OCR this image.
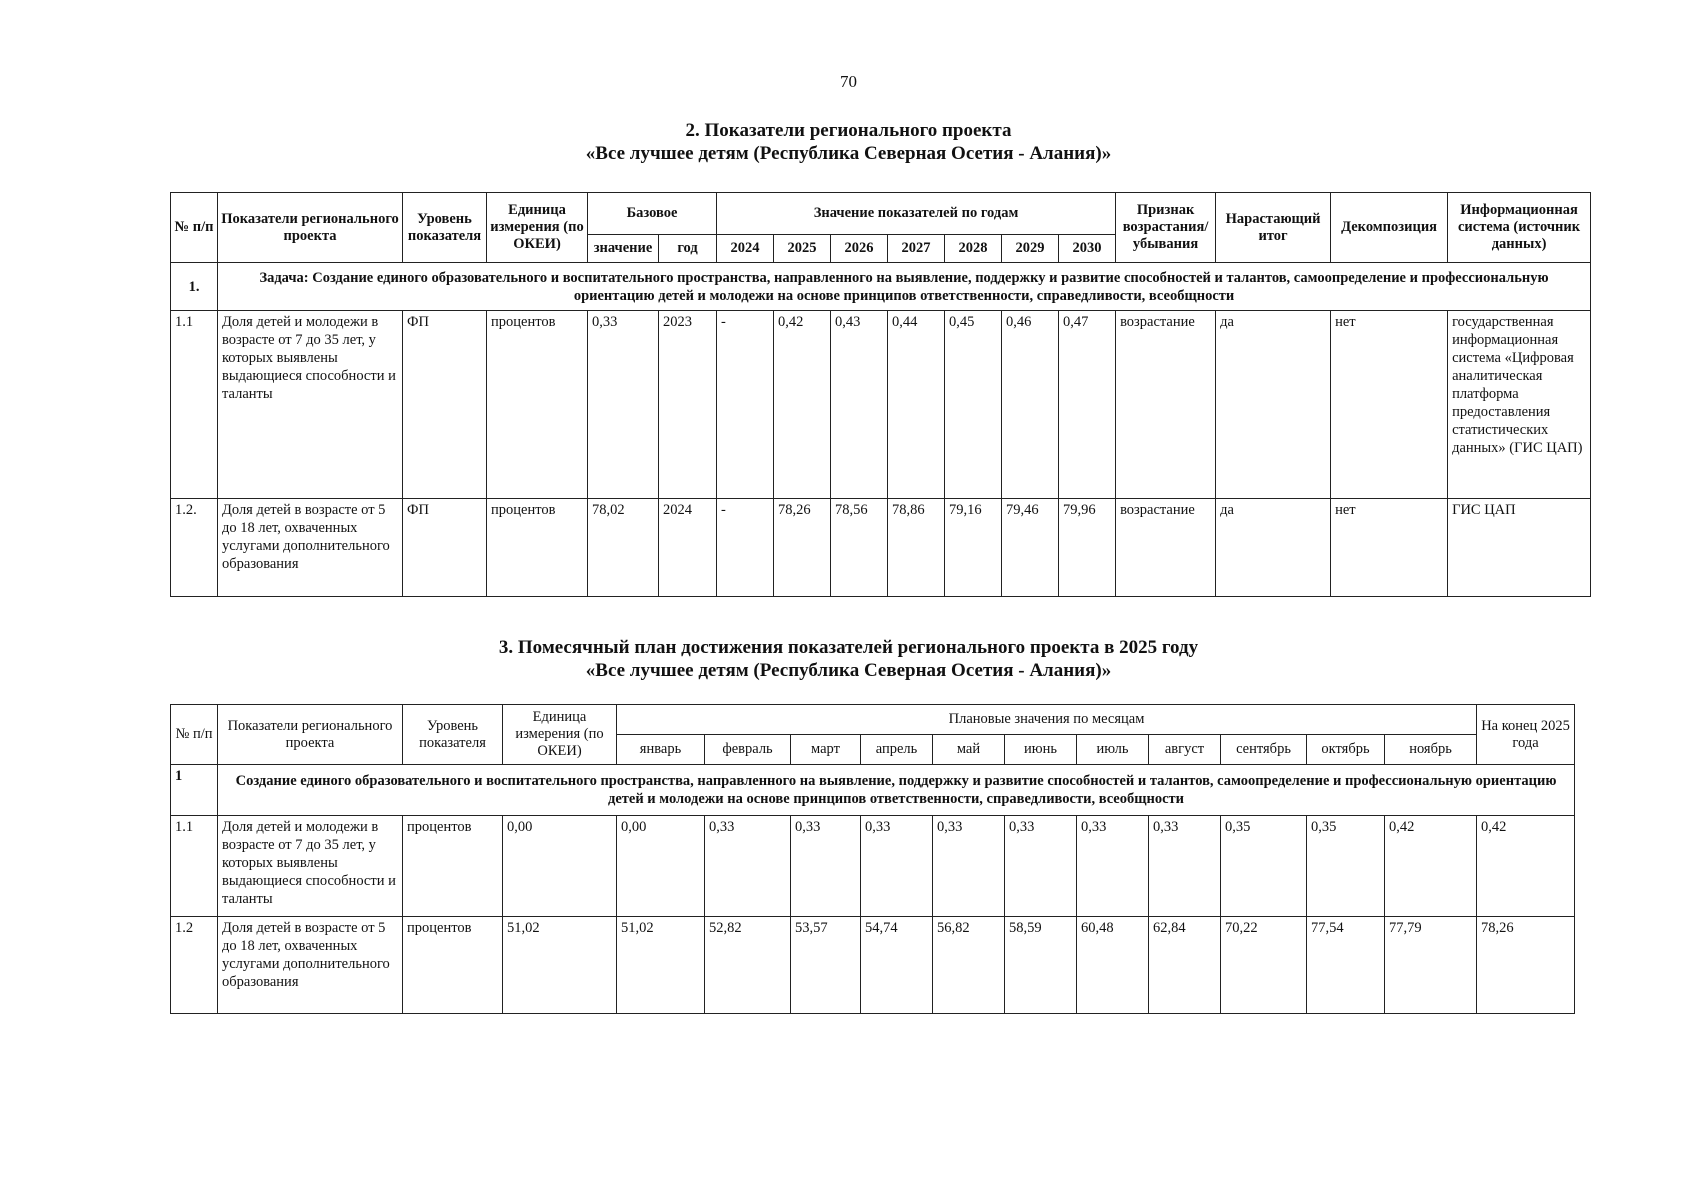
70
2. Показатели регионального проекта
«Все лучшее детям (Республика Северная Осетия - Алания)»
№ п/п	Показатели регионального проекта	Уровень показателя	Единица измерения (по ОКЕИ)	Базовое		Значение показателей по годам							Признак возрастания/ убывания	Нарастающий итог	Декомпозиция	Информационная система (источник данных)
				значение	год	2024	2025	2026	2027	2028	2029	2030				
1.	Задача: Создание единого образовательного и воспитательного пространства, направленного на выявление, поддержку и развитие способностей и талантов, самоопределение и профессиональную ориентацию детей и молодежи на основе принципов ответственности, справедливости, всеобщности															
1.1	Доля детей и молодежи в возрасте от 7 до 35 лет, у которых выявлены выдающиеся способности и таланты	ФП	процентов	0,33	2023	-	0,42	0,43	0,44	0,45	0,46	0,47	возрастание	да	нет	государственная информационная система «Цифровая аналитическая платформа предоставления статистических данных» (ГИС ЦАП)
1.2.	Доля детей в возрасте от 5 до 18 лет, охваченных услугами дополнительного образования	ФП	процентов	78,02	2024	-	78,26	78,56	78,86	79,16	79,46	79,96	возрастание	да	нет	ГИС ЦАП
3. Помесячный план достижения показателей регионального проекта в 2025 году
«Все лучшее детям (Республика Северная Осетия - Алания)»
№ п/п	Показатели регионального проекта	Уровень показателя	Единица измерения (по ОКЕИ)	Плановые значения по месяцам											На конец 2025 года
				январь	февраль	март	апрель	май	июнь	июль	август	сентябрь	октябрь	ноябрь	
1	Создание единого образовательного и воспитательного пространства, направленного на выявление, поддержку и развитие способностей и талантов, самоопределение и профессиональную ориентацию детей и молодежи на основе принципов ответственности, справедливости, всеобщности														
1.1	Доля детей и молодежи в возрасте от 7 до 35 лет, у которых выявлены выдающиеся способности и таланты	процентов	0,00	0,00	0,33	0,33	0,33	0,33	0,33	0,33	0,33	0,35	0,35	0,42	0,42
1.2	Доля детей в возрасте от 5 до 18 лет, охваченных услугами дополнительного образования	процентов	51,02	51,02	52,82	53,57	54,74	56,82	58,59	60,48	62,84	70,22	77,54	77,79	78,26
